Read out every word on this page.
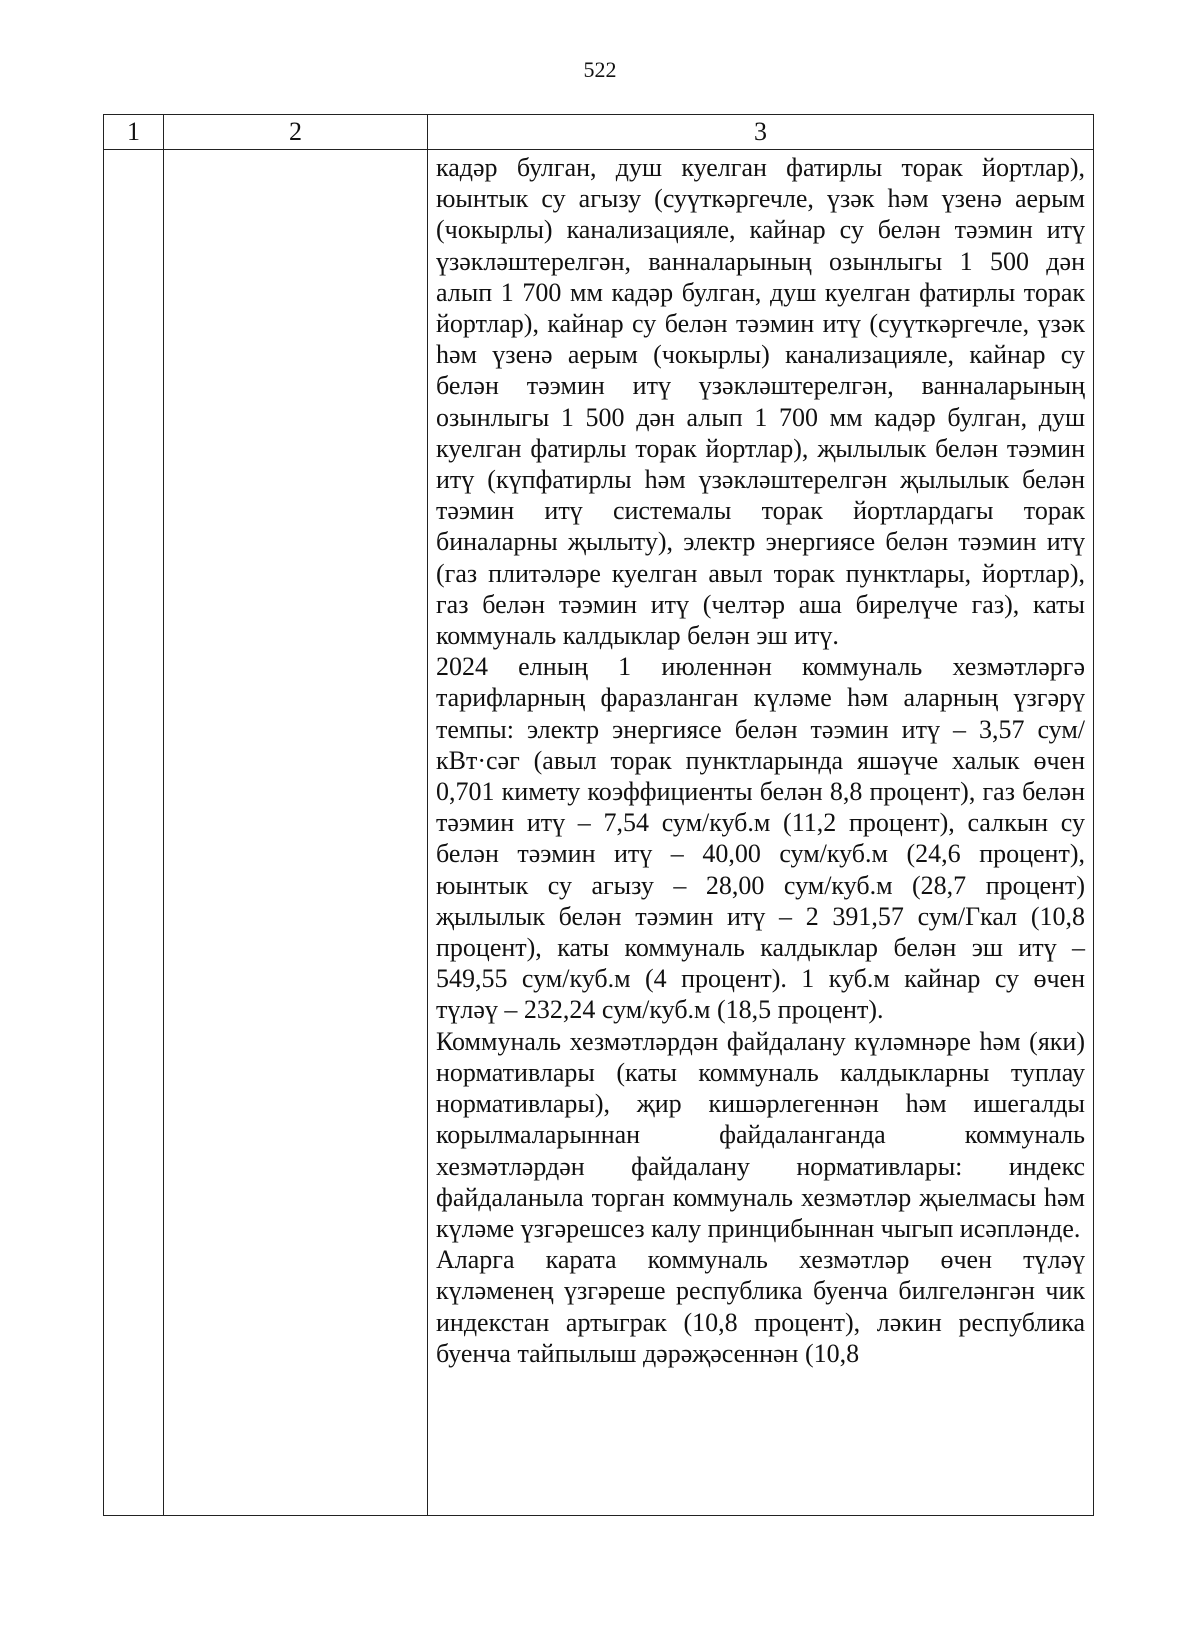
522
1	2	3

		кадәр булган, душ куелган фатирлы торак йортлар), юынтык су агызу (суүткәргечле, үзәк һәм үзенә аерым (чокырлы) канализацияле, кайнар су белән тәэмин итү үзәкләштерелгән, ванналарының озынлыгы 1 500 дән алып 1 700 мм кадәр булган, душ куелган фатирлы торак йортлар), кайнар су белән тәэмин итү (суүткәргечле, үзәк һәм үзенә аерым (чокырлы) канализацияле, кайнар су белән тәэмин итү үзәкләштерелгән, ванналарының озынлыгы 1 500 дән алып 1 700 мм кадәр булган, душ куелган фатирлы торак йортлар), җылылык белән тәэмин итү (күпфатирлы һәм үзәкләштерелгән җылылык белән тәэмин итү системалы торак йортлардагы торак биналарны җылыту), электр энергиясе белән тәэмин итү (газ плитәләре куелган авыл торак пунктлары, йортлар), газ белән тәэмин итү (челтәр аша бирелүче газ), каты коммуналь калдыклар белән эш итү.

2024 елның 1 июленнән коммуналь хезмәтләргә тарифларның фаразланган күләме һәм аларның үзгәрү темпы: электр энергиясе белән тәэмин итү – 3,57 сум/кВт·сәг (авыл торак пунктларында яшәүче халык өчен 0,701 кимету коэффициенты белән 8,8 процент), газ белән тәэмин итү – 7,54 сум/куб.м (11,2 процент), салкын су белән тәэмин итү – 40,00 сум/куб.м (24,6 процент), юынтык су агызу – 28,00 сум/куб.м (28,7 процент) җылылык белән тәэмин итү – 2 391,57 сум/Гкал (10,8 процент), каты коммуналь калдыклар белән эш итү – 549,55 сум/куб.м (4 процент). 1 куб.м кайнар су өчен түләү – 232,24 сум/куб.м (18,5 процент).

Коммуналь хезмәтләрдән файдалану күләмнәре һәм (яки) нормативлары (каты коммуналь калдыкларны туплау нормативлары), җир кишәрлегеннән һәм ишегалды корылмаларыннан файдаланганда коммуналь хезмәтләрдән файдалану нормативлары: индекс файдаланыла торган коммуналь хезмәтләр җыелмасы һәм күләме үзгәрешсез калу принцибыннан чыгып исәпләнде.

Аларга карата коммуналь хезмәтләр өчен түләү күләменең үзгәреше республика буенча билгеләнгән чик индекстан артыграк (10,8 процент), ләкин республика буенча тайпылыш дәрәҗәсеннән (10,8
